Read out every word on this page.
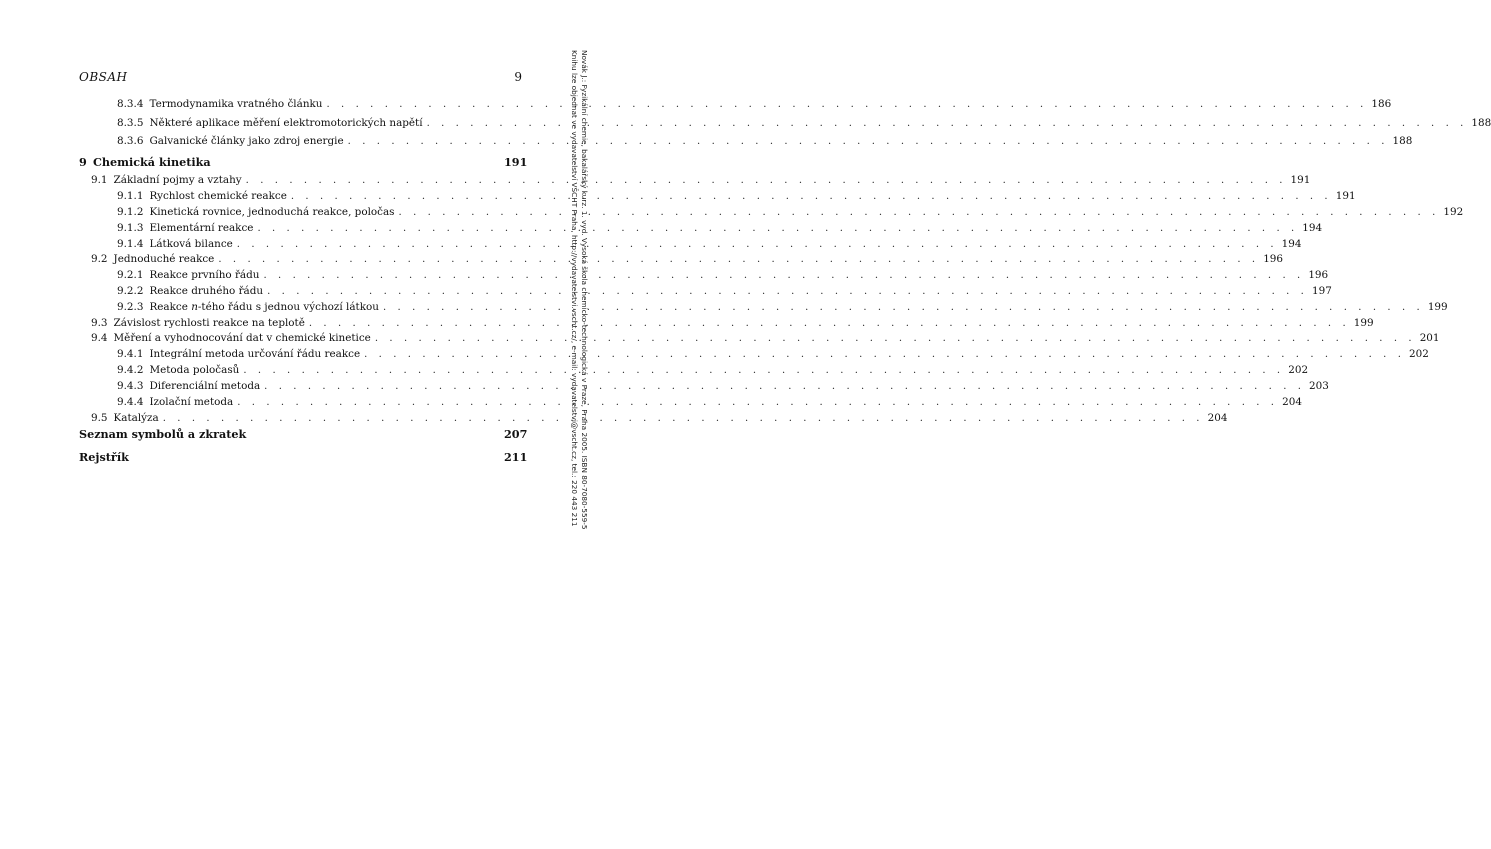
OBSAH	9
8.3.4 Termodynamika vratného článku . . . . . . . . . . . . . . . . . . . . . . . . . . . . . . . . . . . . . . . . . . . . . . . . . . . . . . . . . . . . . . . . . . . . . . . . 186
8.3.5 Některé aplikace měření elektromotorických napětí . . . . . . . . . . . . . . . . . . . . . . . . . . . . . . . . . . . . . . . . . . . . . . . . . . . . . . . . . . . . . . . . . . . . . . . . 188
8.3.6 Galvanické články jako zdroj energie . . . . . . . . . . . . . . . . . . . . . . . . . . . . . . . . . . . . . . . . . . . . . . . . . . . . . . . . . . . . . . . . . . . . . . . . 188
9 Chemická kinetika	191
9.1 Základní pojmy a vztahy . . . . . . . . . . . . . . . . . . . . . . . . . . . . . . . . . . . . . . . . . . . . . . . . . . . . . . . . . . . . . . . . . . . . . . . . 191
9.1.1 Rychlost chemické reakce . . . . . . . . . . . . . . . . . . . . . . . . . . . . . . . . . . . . . . . . . . . . . . . . . . . . . . . . . . . . . . . . . . . . . . . . 191
9.1.2 Kinetická rovnice, jednoduchá reakce, poločas . . . . . . . . . . . . . . . . . . . . . . . . . . . . . . . . . . . . . . . . . . . . . . . . . . . . . . . . . . . . . . . . . . . . . . . . 192
9.1.3 Elementární reakce . . . . . . . . . . . . . . . . . . . . . . . . . . . . . . . . . . . . . . . . . . . . . . . . . . . . . . . . . . . . . . . . . . . . . . . . 194
9.1.4 Látková bilance . . . . . . . . . . . . . . . . . . . . . . . . . . . . . . . . . . . . . . . . . . . . . . . . . . . . . . . . . . . . . . . . . . . . . . . . 194
9.2 Jednoduché reakce . . . . . . . . . . . . . . . . . . . . . . . . . . . . . . . . . . . . . . . . . . . . . . . . . . . . . . . . . . . . . . . . . . . . . . . . 196
9.2.1 Reakce prvního řádu . . . . . . . . . . . . . . . . . . . . . . . . . . . . . . . . . . . . . . . . . . . . . . . . . . . . . . . . . . . . . . . . . . . . . . . . 196
9.2.2 Reakce druhého řádu . . . . . . . . . . . . . . . . . . . . . . . . . . . . . . . . . . . . . . . . . . . . . . . . . . . . . . . . . . . . . . . . . . . . . . . . 197
9.2.3 Reakce n-tého řádu s jednou výchozí látkou . . . . . . . . . . . . . . . . . . . . . . . . . . . . . . . . . . . . . . . . . . . . . . . . . . . . . . . . . . . . . . . . . . . . . . . . 199
9.3 Závislost rychlosti reakce na teplotě . . . . . . . . . . . . . . . . . . . . . . . . . . . . . . . . . . . . . . . . . . . . . . . . . . . . . . . . . . . . . . . . . . . . . . . . 199
9.4 Měření a vyhodnocování dat v chemické kinetice . . . . . . . . . . . . . . . . . . . . . . . . . . . . . . . . . . . . . . . . . . . . . . . . . . . . . . . . . . . . . . . . . . . . . . . . 201
9.4.1 Integrální metoda určování řádu reakce . . . . . . . . . . . . . . . . . . . . . . . . . . . . . . . . . . . . . . . . . . . . . . . . . . . . . . . . . . . . . . . . . . . . . . . . 202
9.4.2 Metoda poločasů . . . . . . . . . . . . . . . . . . . . . . . . . . . . . . . . . . . . . . . . . . . . . . . . . . . . . . . . . . . . . . . . . . . . . . . . 202
9.4.3 Diferenciální metoda . . . . . . . . . . . . . . . . . . . . . . . . . . . . . . . . . . . . . . . . . . . . . . . . . . . . . . . . . . . . . . . . . . . . . . . . 203
9.4.4 Izolační metoda . . . . . . . . . . . . . . . . . . . . . . . . . . . . . . . . . . . . . . . . . . . . . . . . . . . . . . . . . . . . . . . . . . . . . . . . 204
9.5 Katalýza . . . . . . . . . . . . . . . . . . . . . . . . . . . . . . . . . . . . . . . . . . . . . . . . . . . . . . . . . . . . . . . . . . . . . . . . 204
Seznam symbolů a zkratek	207
Rejstřík	211	Novák J.: Fyzikální chemie, bakalářský kurz. 1. vyd. Vysoká škola chemicko-technologická v Praze, Praha 2005. ISBN 80-7080-559-5
Knihu lze objednat ve vydavatelství VŠCHT Praha, http://vydavatelstvi.vscht.cz/, e-mail: vydavatelstvi@vscht.cz, tel.: 220 443 211
